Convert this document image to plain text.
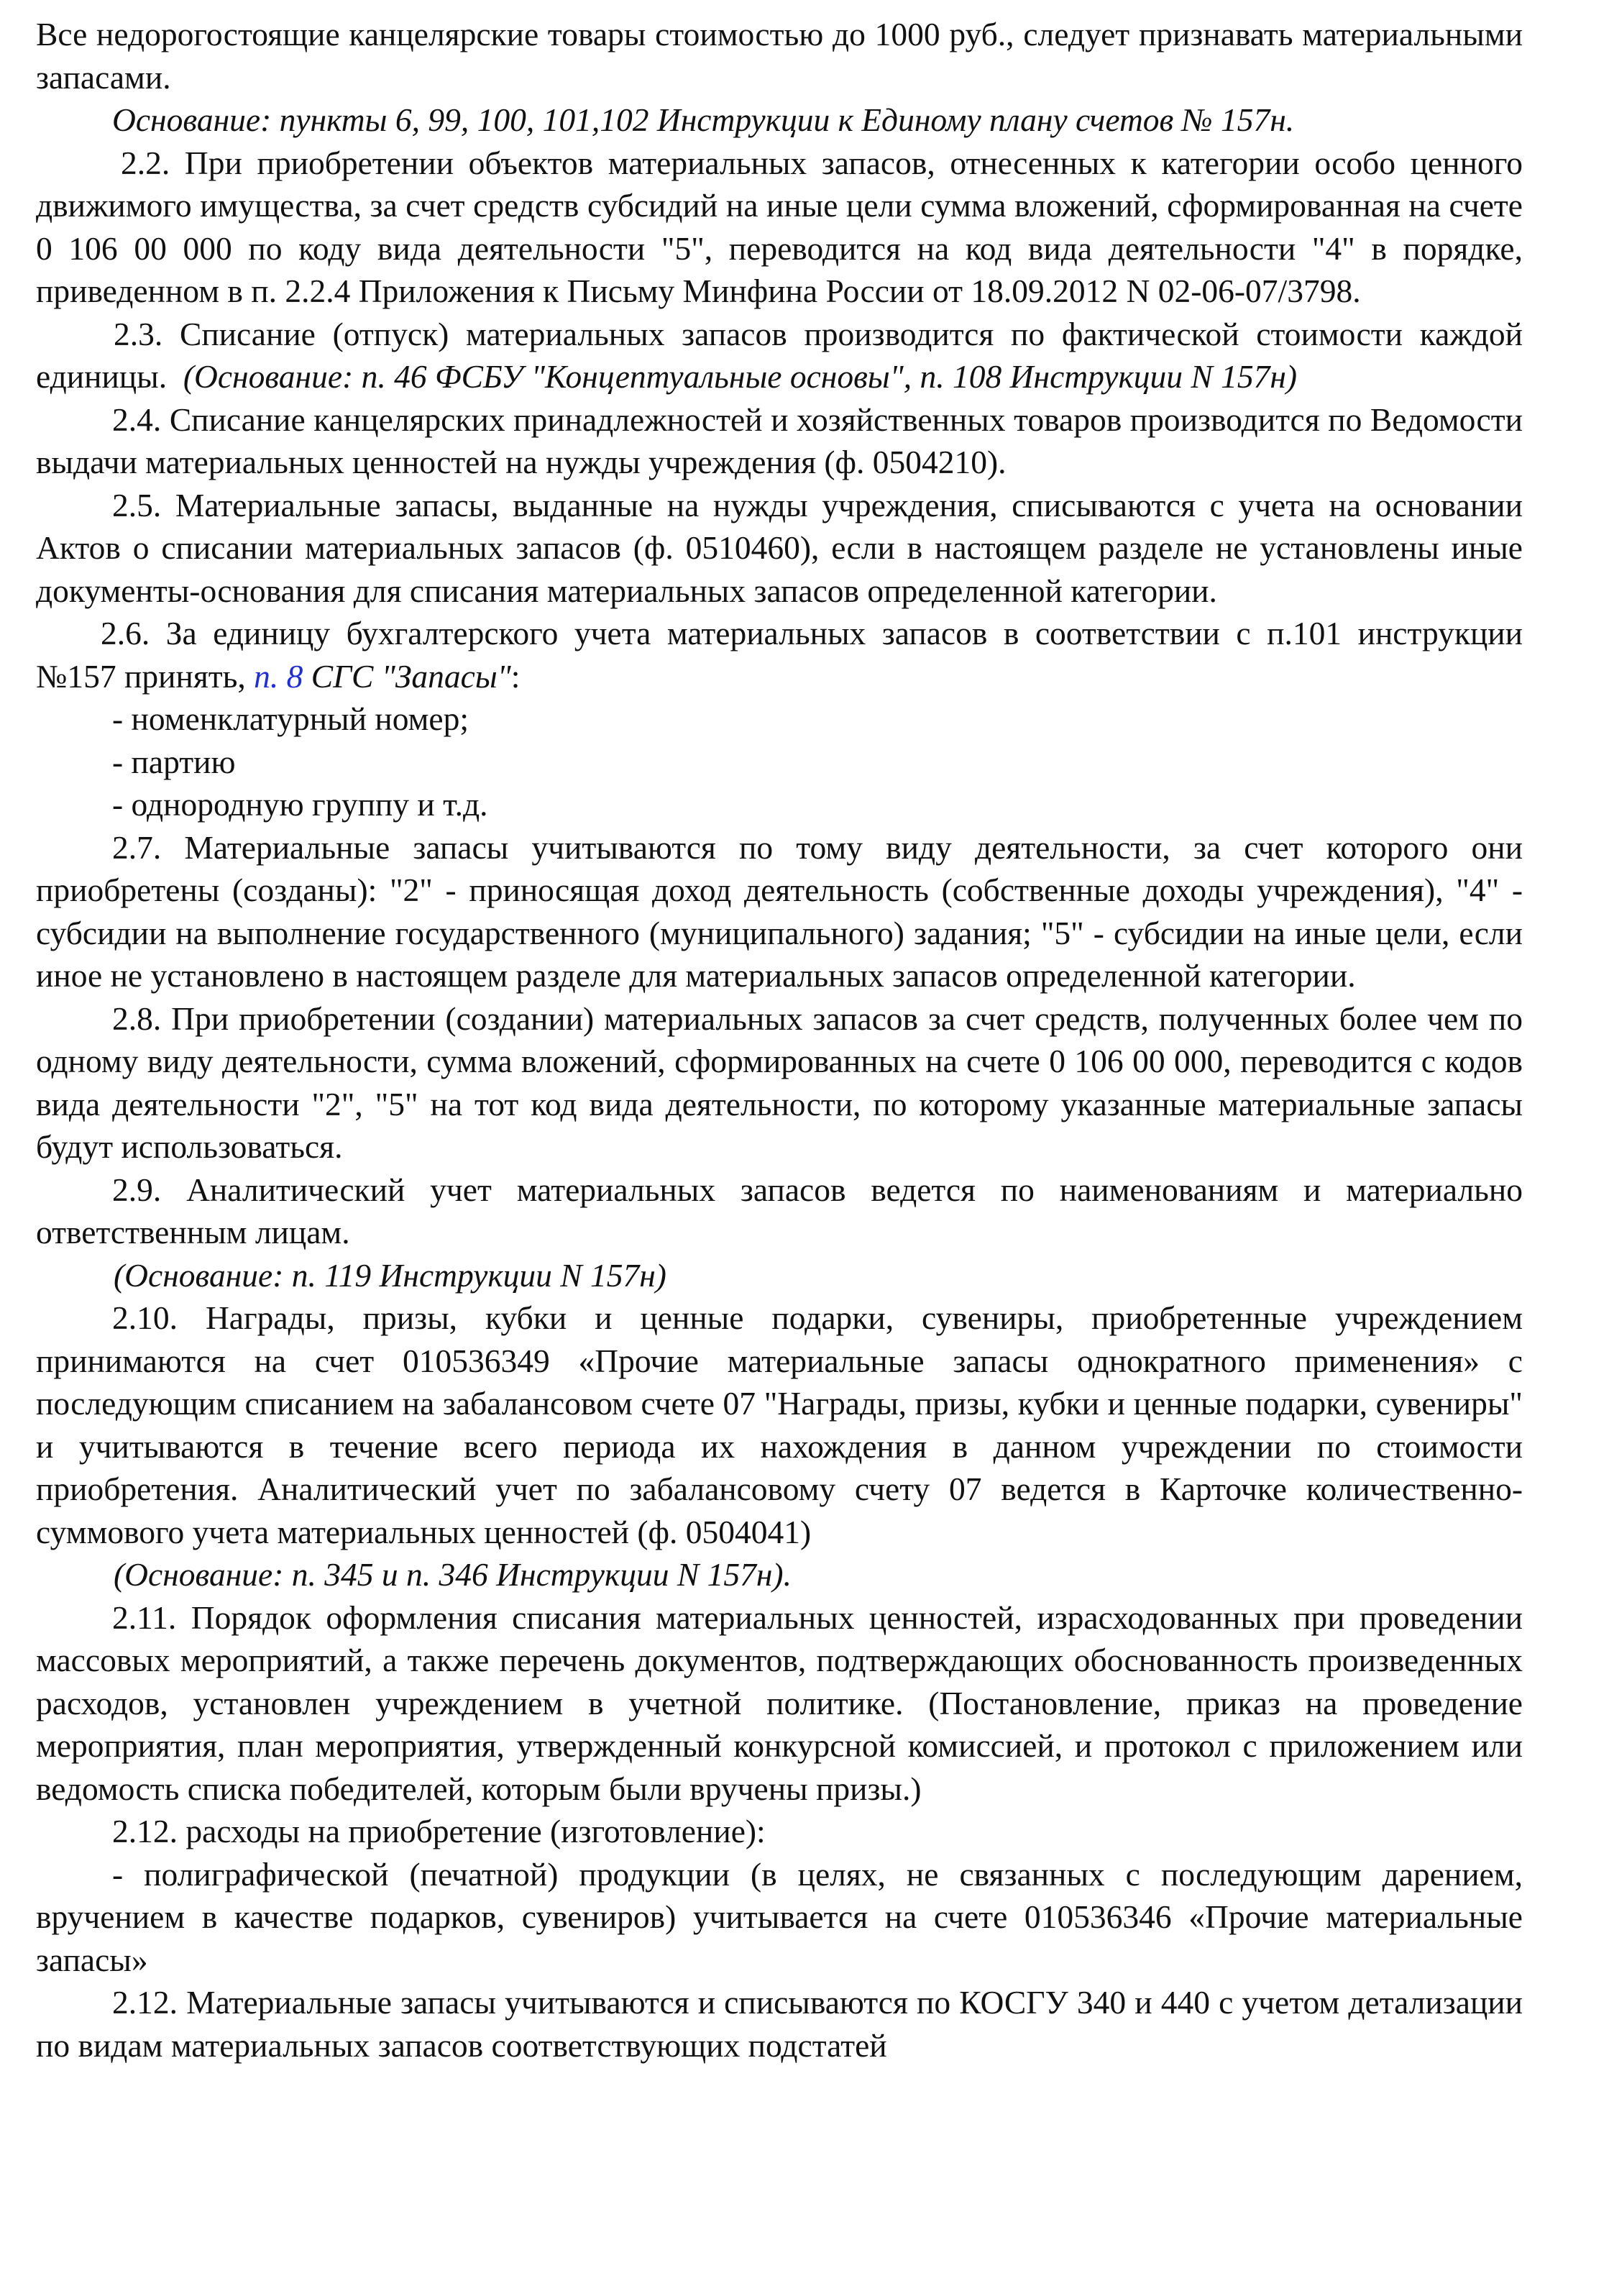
Все недорогостоящие канцелярские товары стоимостью до 1000 руб., следует признавать материальными запасами.

Основание: пункты 6, 99, 100, 101,102 Инструкции к Единому плану счетов № 157н.

2.2. При приобретении объектов материальных запасов, отнесенных к категории особо ценного движимого имущества, за счет средств субсидий на иные цели сумма вложений, сформированная на счете 0 106 00 000 по коду вида деятельности "5", переводится на код вида деятельности "4" в порядке, приведенном в п. 2.2.4 Приложения к Письму Минфина России от 18.09.2012 N 02-06-07/3798.

2.3. Списание (отпуск) материальных запасов производится по фактической стоимости каждой единицы. (Основание: п. 46 ФСБУ "Концептуальные основы", п. 108 Инструкции N 157н)

2.4. Списание канцелярских принадлежностей и хозяйственных товаров производится по Ведомости выдачи материальных ценностей на нужды учреждения (ф. 0504210).

2.5. Материальные запасы, выданные на нужды учреждения, списываются с учета на основании Актов о списании материальных запасов (ф. 0510460), если в настоящем разделе не установлены иные документы-основания для списания материальных запасов определенной категории.

2.6. За единицу бухгалтерского учета материальных запасов в соответствии с п.101 инструкции №157 принять, п. 8 СГС "Запасы":

- номенклатурный номер;

- партию

- однородную группу и т.д.

2.7. Материальные запасы учитываются по тому виду деятельности, за счет которого они приобретены (созданы): "2" - приносящая доход деятельность (собственные доходы учреждения), "4" - субсидии на выполнение государственного (муниципального) задания; "5" - субсидии на иные цели, если иное не установлено в настоящем разделе для материальных запасов определенной категории.

2.8. При приобретении (создании) материальных запасов за счет средств, полученных более чем по одному виду деятельности, сумма вложений, сформированных на счете 0 106 00 000, переводится с кодов вида деятельности "2", "5" на тот код вида деятельности, по которому указанные материальные запасы будут использоваться.

2.9. Аналитический учет материальных запасов ведется по наименованиям и материально ответственным лицам.

(Основание: п. 119 Инструкции N 157н)

2.10. Награды, призы, кубки и ценные подарки, сувениры, приобретенные учреждением принимаются на счет 010536349 «Прочие материальные запасы однократного применения» с последующим списанием на забалансовом счете 07 "Награды, призы, кубки и ценные подарки, сувениры" и учитываются в течение всего периода их нахождения в данном учреждении по стоимости приобретения. Аналитический учет по забалансовому счету 07 ведется в Карточке количественно-суммового учета материальных ценностей (ф. 0504041)

(Основание: п. 345 и п. 346 Инструкции N 157н).

2.11. Порядок оформления списания материальных ценностей, израсходованных при проведении массовых мероприятий, а также перечень документов, подтверждающих обоснованность произведенных расходов, установлен учреждением в учетной политике. (Постановление, приказ на проведение мероприятия, план мероприятия, утвержденный конкурсной комиссией, и протокол с приложением или ведомость списка победителей, которым были вручены призы.)

2.12. расходы на приобретение (изготовление):

- полиграфической (печатной) продукции (в целях, не связанных с последующим дарением, вручением в качестве подарков, сувениров) учитывается на счете 010536346 «Прочие материальные запасы»

2.12. Материальные запасы учитываются и списываются по КОСГУ 340 и 440 с учетом детализации по видам материальных запасов соответствующих подстатей
